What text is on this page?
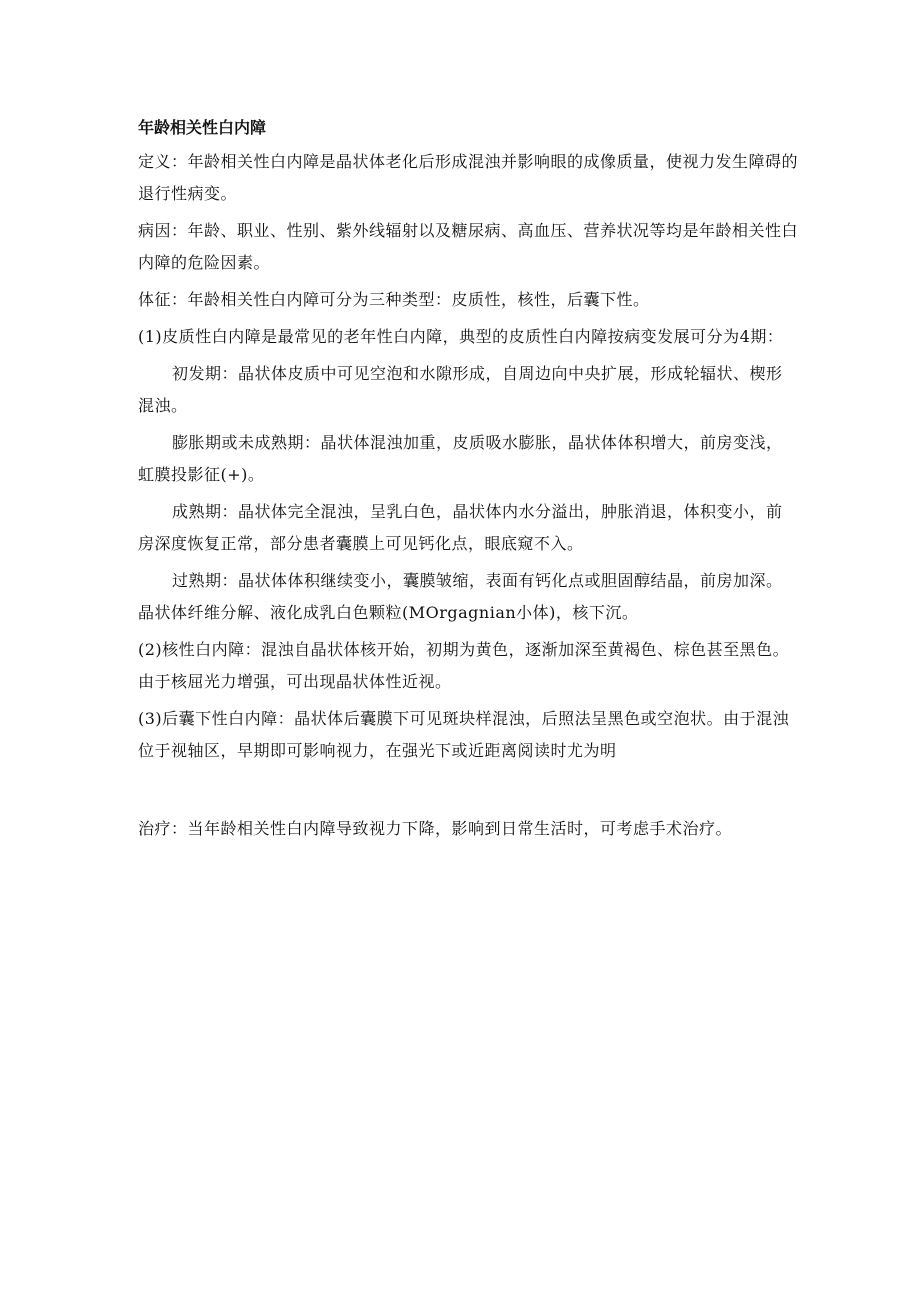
年龄相关性白内障

定义：年龄相关性白内障是晶状体老化后形成混浊并影响眼的成像质量，使视力发生障碍的退行性病变。

病因：年龄、职业、性别、紫外线辐射以及糖尿病、高血压、营养状况等均是年龄相关性白内障的危险因素。

体征：年龄相关性白内障可分为三种类型：皮质性，核性，后囊下性。

(1)皮质性白内障是最常见的老年性白内障，典型的皮质性白内障按病变发展可分为4期：

初发期：晶状体皮质中可见空泡和水隙形成，自周边向中央扩展，形成轮辐状、楔形混浊。

膨胀期或未成熟期：晶状体混浊加重，皮质吸水膨胀，晶状体体积增大，前房变浅，虹膜投影征(+)。

成熟期：晶状体完全混浊，呈乳白色，晶状体内水分溢出，肿胀消退，体积变小，前房深度恢复正常，部分患者囊膜上可见钙化点，眼底窥不入。

过熟期：晶状体体积继续变小，囊膜皱缩，表面有钙化点或胆固醇结晶，前房加深。晶状体纤维分解、液化成乳白色颗粒(MOrgagnian小体)，核下沉。

(2)核性白内障：混浊自晶状体核开始，初期为黄色，逐渐加深至黄褐色、棕色甚至黑色。由于核屈光力增强，可出现晶状体性近视。

(3)后囊下性白内障：晶状体后囊膜下可见斑块样混浊，后照法呈黑色或空泡状。由于混浊位于视轴区，早期即可影响视力，在强光下或近距离阅读时尤为明

治疗：当年龄相关性白内障导致视力下降，影响到日常生活时，可考虑手术治疗。
